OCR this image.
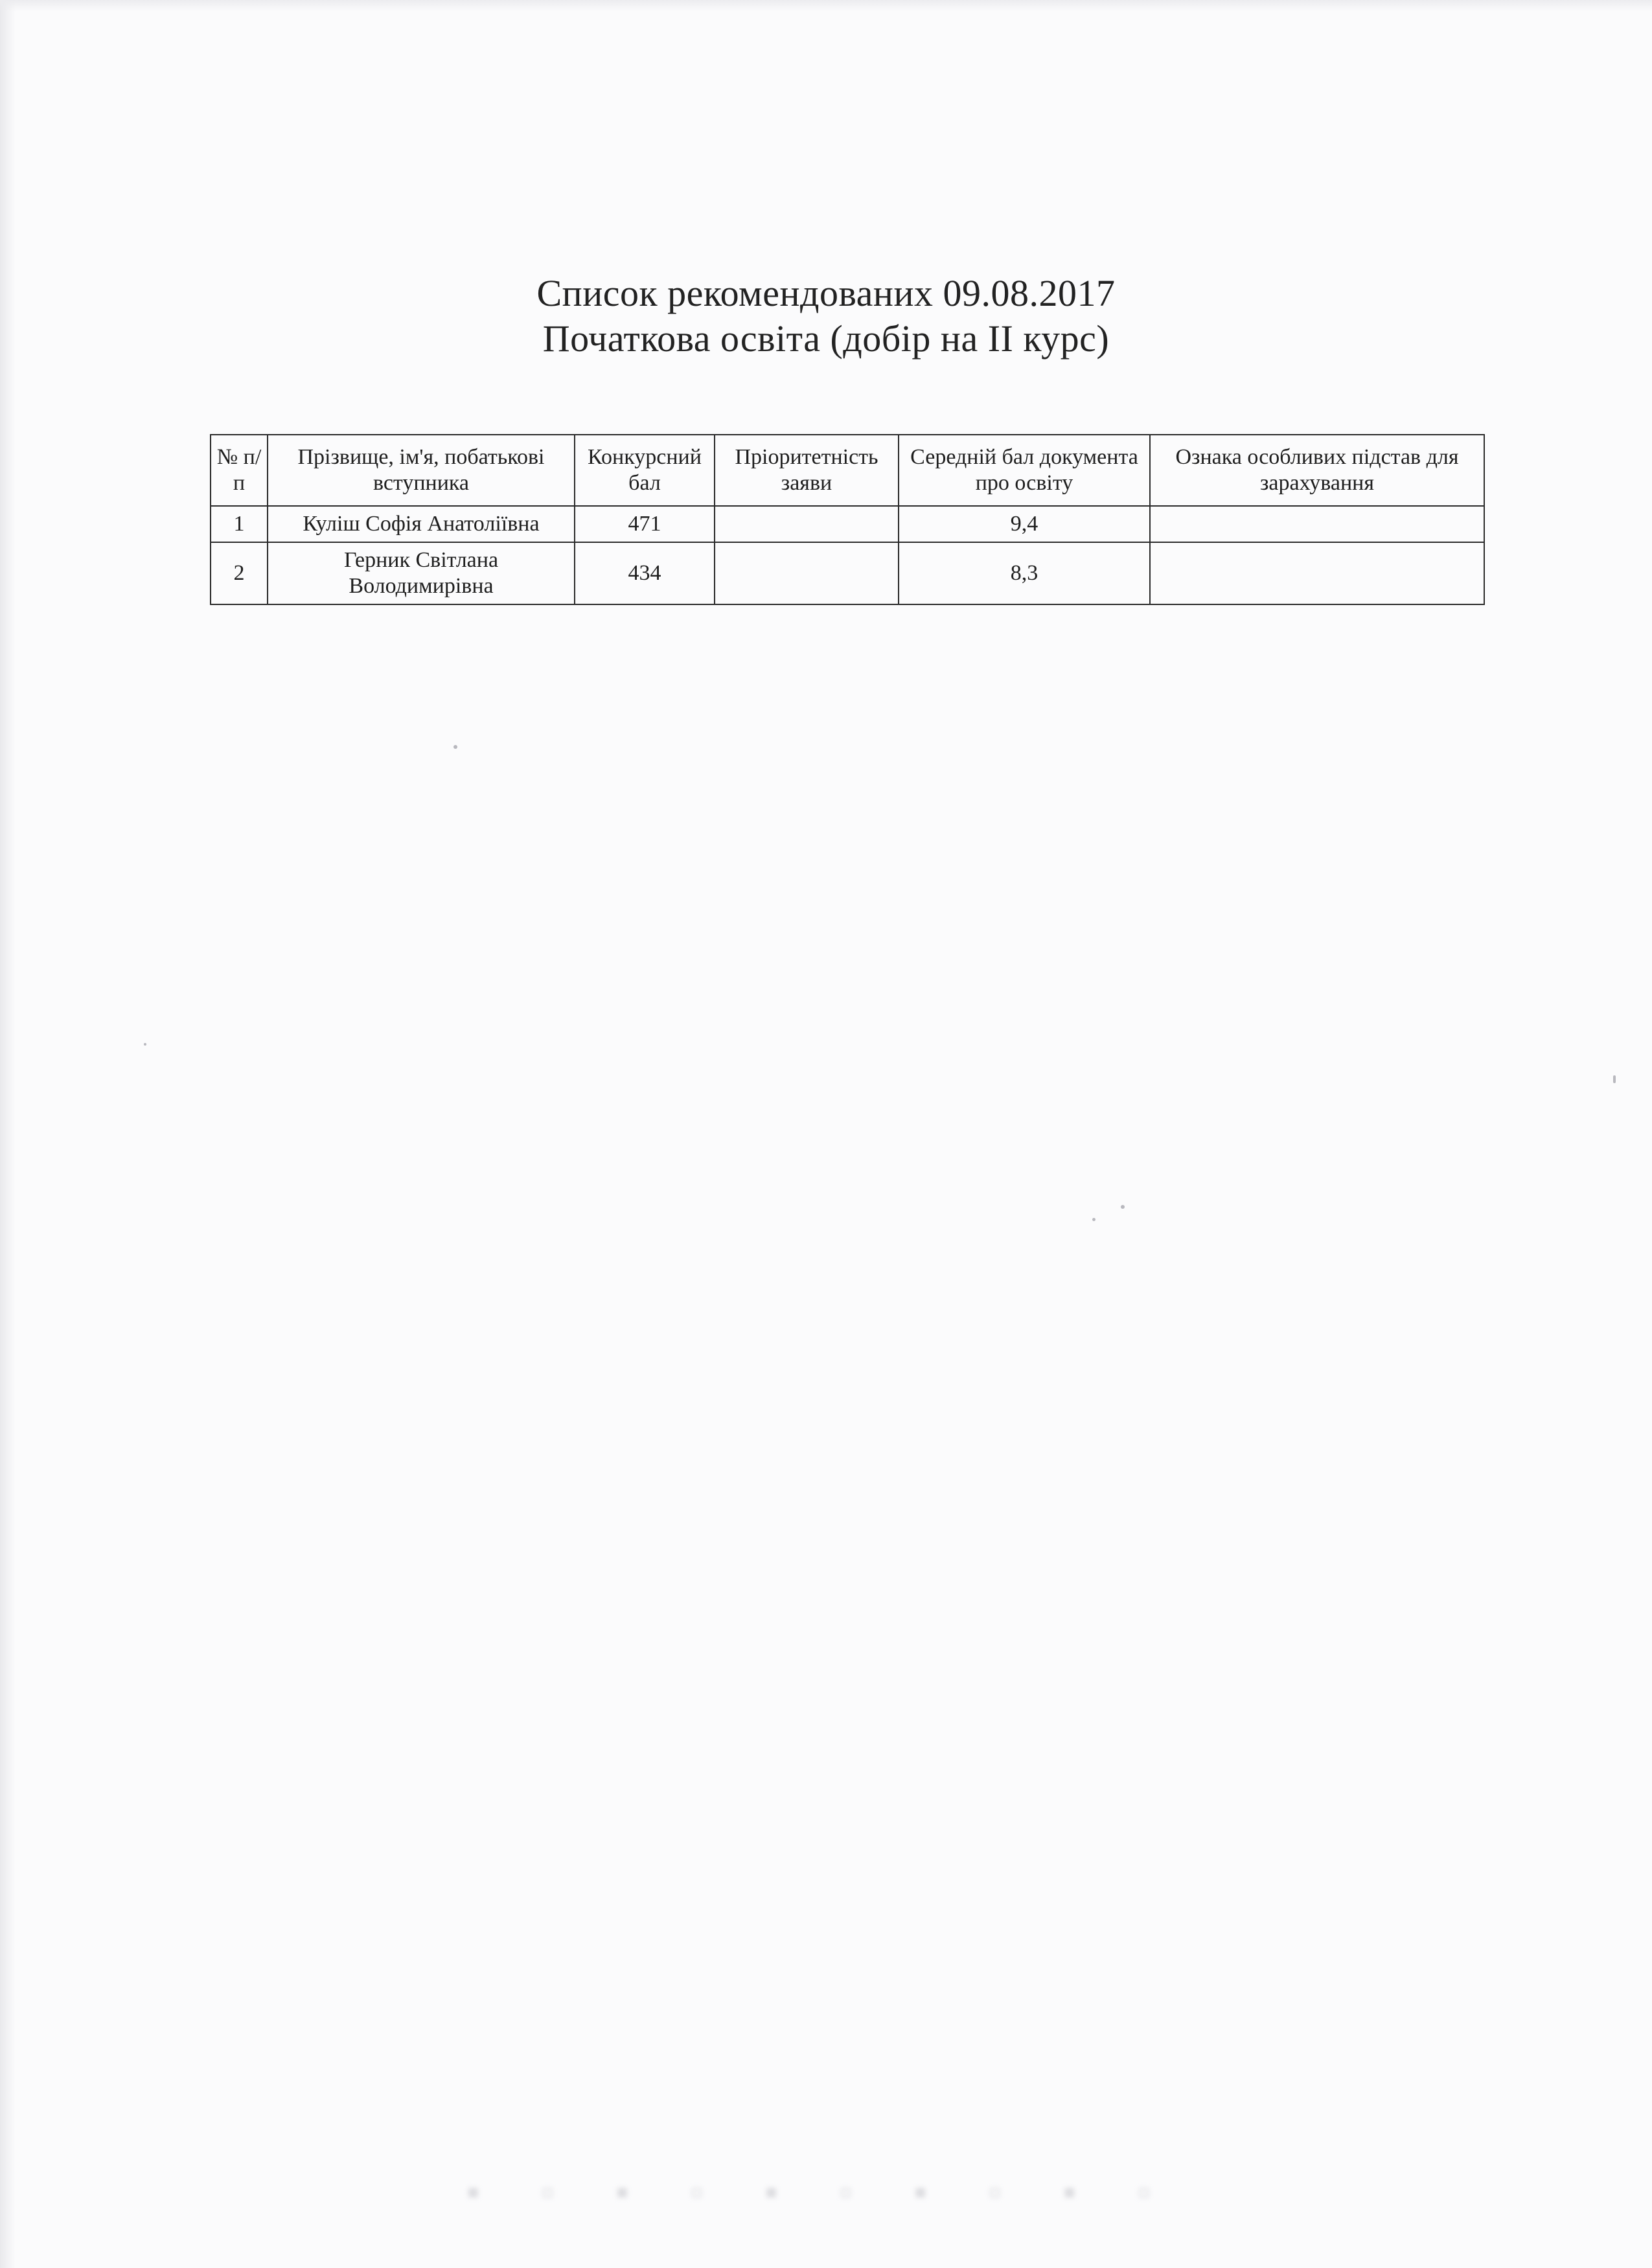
Список рекомендованих 09.08.2017
Початкова освіта (добір на ІІ курс)
№ п/п	Прізвище, ім'я, побатькові вступника	Конкурсний бал	Пріоритетність заяви	Середній бал документа про освіту	Ознака особливих підстав для зарахування
1	Куліш Софія Анатоліївна	471		9,4	
2	Герник Світлана Володимирівна	434		8,3	
▪ ▫ ▪ ▫ ▪ ▫ ▪ ▫ ▪ ▫
